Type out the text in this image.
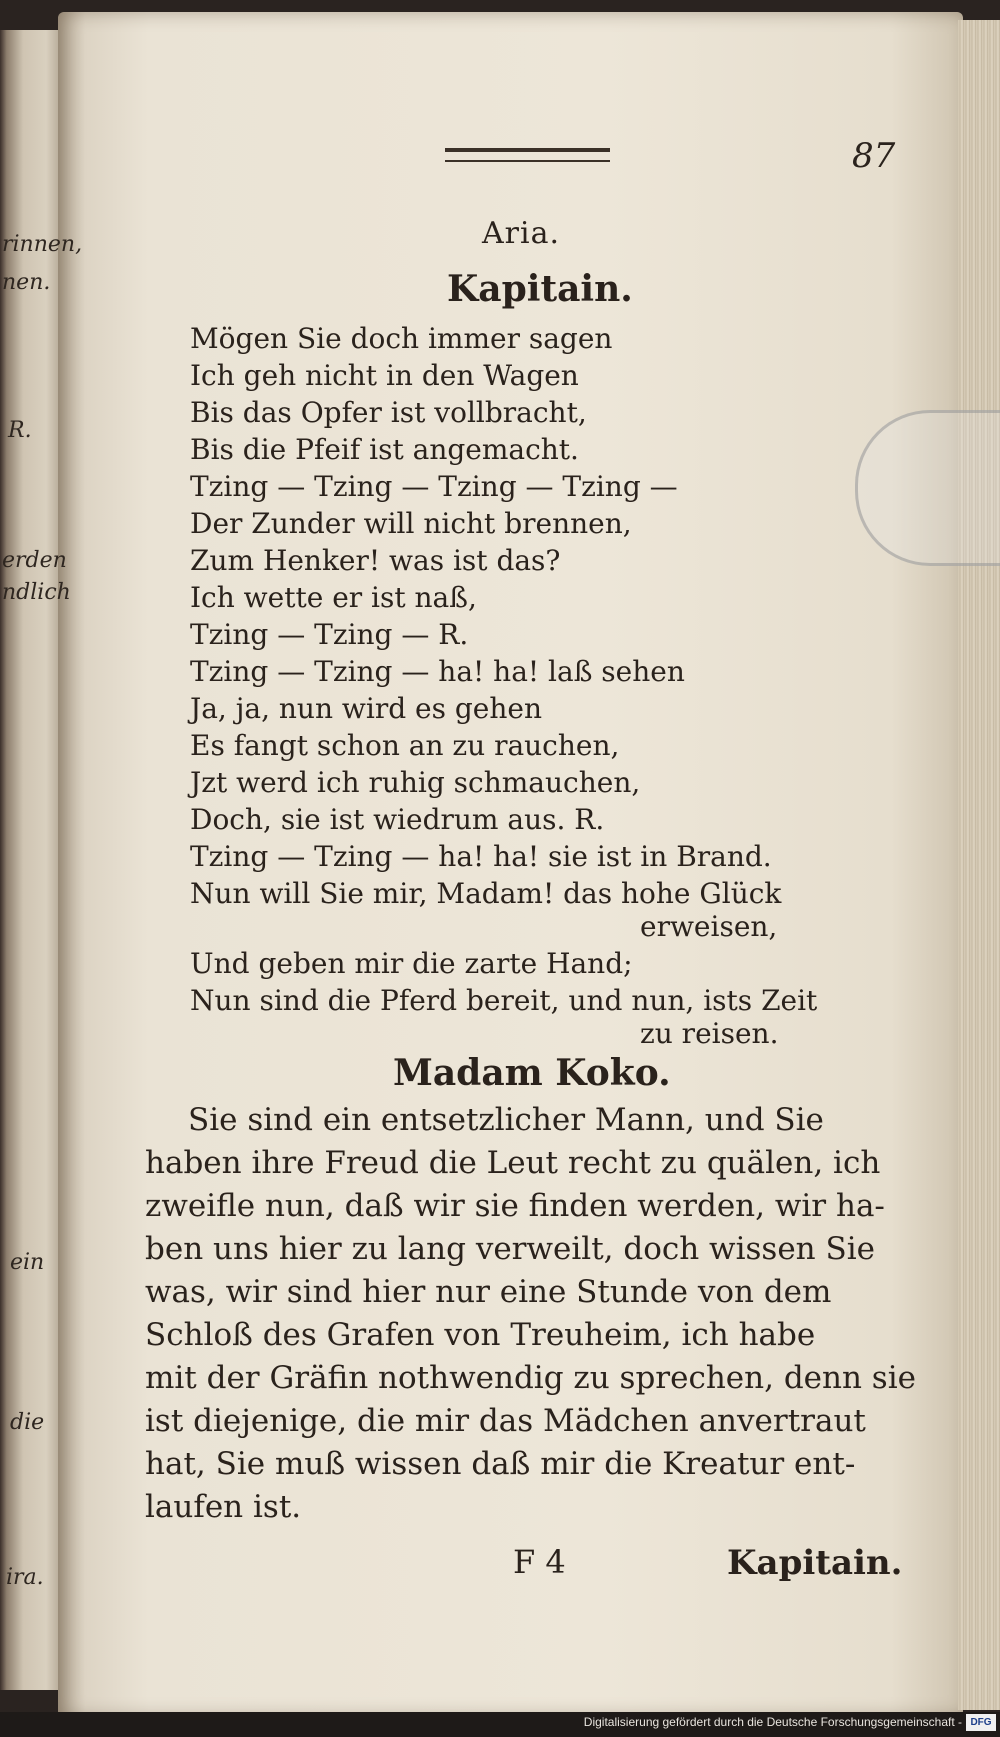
rinnen,
nen.
R.
erden
ndlich
ein
die
ira.
87
Aria.
Kapitain.
Mögen Sie doch immer sagen
Ich geh nicht in den Wagen
Bis das Opfer ist vollbracht,
Bis die Pfeif ist angemacht.
Tzing — Tzing — Tzing — Tzing —
Der Zunder will nicht brennen,
Zum Henker! was ist das?
Ich wette er ist naß,
Tzing — Tzing — R.
Tzing — Tzing — ha! ha! laß sehen
Ja, ja, nun wird es gehen
Es fangt schon an zu rauchen,
Jzt werd ich ruhig schmauchen,
Doch, sie ist wiedrum aus. R.
Tzing — Tzing — ha! ha! sie ist in Brand.
Nun will Sie mir, Madam! das hohe Glück
erweisen,
Und geben mir die zarte Hand;
Nun sind die Pferd bereit, und nun, ists Zeit
zu reisen.
Madam Koko.
Sie sind ein entsetzlicher Mann, und Sie
haben ihre Freud die Leut recht zu quälen, ich
zweifle nun, daß wir sie finden werden, wir ha-
ben uns hier zu lang verweilt, doch wissen Sie
was, wir sind hier nur eine Stunde von dem
Schloß des Grafen von Treuheim, ich habe
mit der Gräfin nothwendig zu sprechen, denn sie
ist diejenige, die mir das Mädchen anvertraut
hat, Sie muß wissen daß mir die Kreatur ent-
laufen ist.
F 4	Kapitain.
Digitalisierung gefördert durch die Deutsche Forschungsgemeinschaft - DFG
